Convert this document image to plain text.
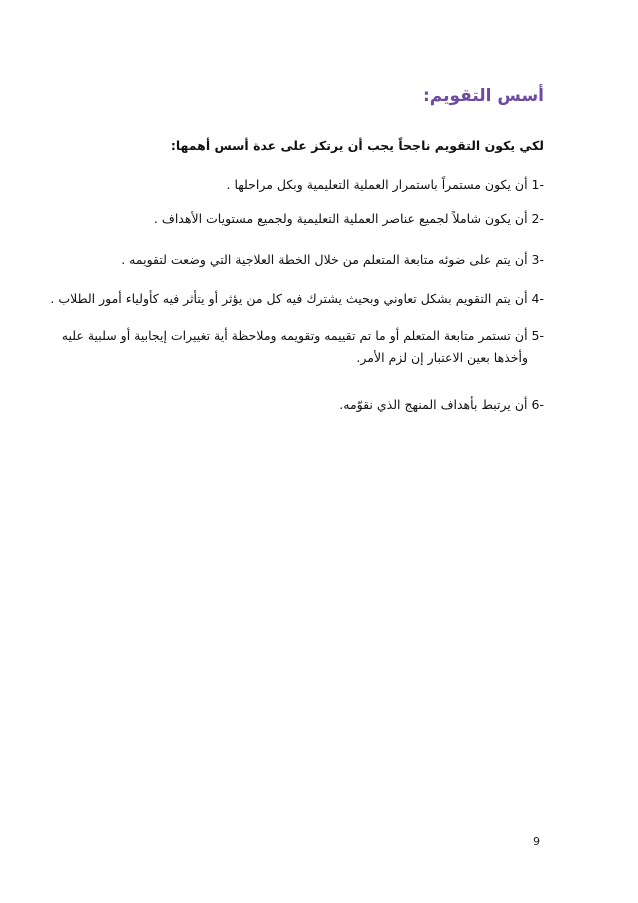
أسس التقويم:
لكي يكون التقويم ناجحاً يجب أن يرتكز على عدة أسس أهمها:
1- أن يكون مستمراً باستمرار العملية التعليمية وبكل مراحلها .
2- أن يكون شاملاً لجميع عناصر العملية التعليمية ولجميع مستويات الأهداف .
3- أن يتم على ضوئه متابعة المتعلم من خلال الخطة العلاجية التي وضعت لتقويمه .
4- أن يتم التقويم بشكل تعاوني وبحيث يشترك فيه كل من يؤثر أو يتأثر فيه كأولياء أمور الطلاب .
5- أن تستمر متابعة المتعلم أو ما تم تقييمه وتقويمه وملاحظة أية تغييرات إيجابية أو سلبية عليه
وأخذها بعين الاعتبار إن لزم الأمر.
6- أن يرتبط بأهداف المنهج الذي نقوّمه.
9
